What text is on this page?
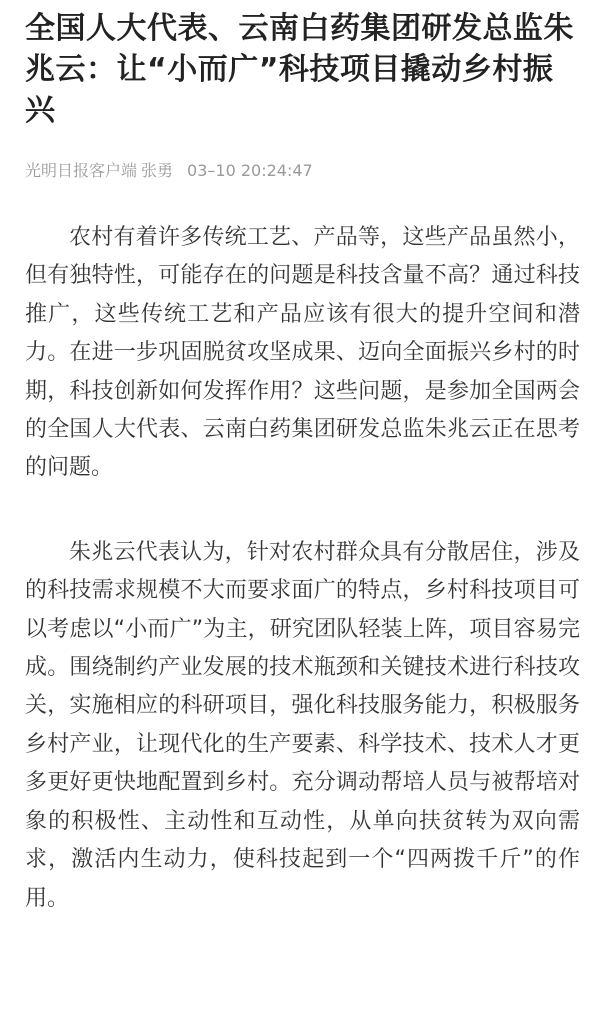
全国人大代表、云南白药集团研发总监朱兆云：让“小而广”科技项目撬动乡村振兴
光明日报客户端 张勇 03–10 20:24:47

农村有着许多传统工艺、产品等，这些产品虽然小，但有独特性，可能存在的问题是科技含量不高？通过科技推广，这些传统工艺和产品应该有很大的提升空间和潜力。在进一步巩固脱贫攻坚成果、迈向全面振兴乡村的时期，科技创新如何发挥作用？这些问题，是参加全国两会的全国人大代表、云南白药集团研发总监朱兆云正在思考的问题。

朱兆云代表认为，针对农村群众具有分散居住，涉及的科技需求规模不大而要求面广的特点，乡村科技项目可以考虑以“小而广”为主，研究团队轻装上阵，项目容易完成。围绕制约产业发展的技术瓶颈和关键技术进行科技攻关，实施相应的科研项目，强化科技服务能力，积极服务乡村产业，让现代化的生产要素、科学技术、技术人才更多更好更快地配置到乡村。充分调动帮培人员与被帮培对象的积极性、主动性和互动性，从单向扶贫转为双向需求，激活内生动力，使科技起到一个“四两拨千斤”的作用。
